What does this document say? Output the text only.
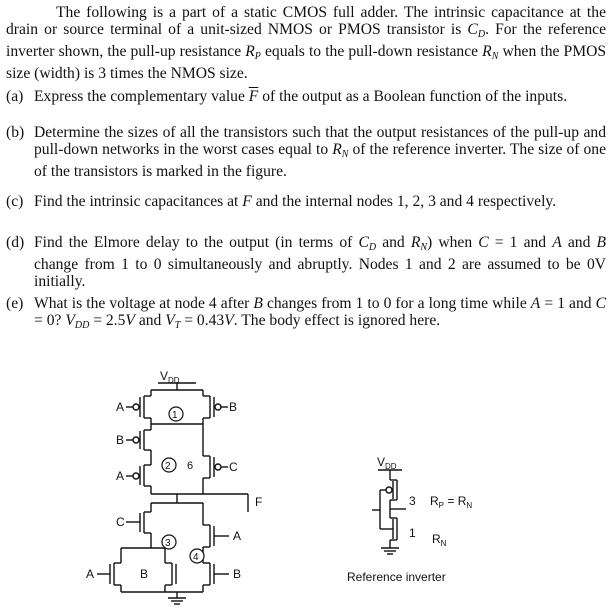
The following is a part of a static CMOS full adder. The intrinsic capacitance at the drain or source terminal of a unit-sized NMOS or PMOS transistor is $C_D$. For the reference inverter shown, the pull-up resistance $R_P$ equals to the pull-down resistance $R_N$ when the PMOS size (width) is 3 times the NMOS size.
(a) Express the complementary value $\overline{F}$ of the output as a Boolean function of the inputs.
(b) Determine the sizes of all the transistors such that the output resistances of the pull-up and pull-down networks in the worst cases equal to $R_N$ of the reference inverter. The size of one of the transistors is marked in the figure.
(c) Find the intrinsic capacitances at F and the internal nodes 1, 2, 3 and 4 respectively.
(d) Find the Elmore delay to the output (in terms of $C_D$ and $R_N$) when C = 1 and A and B change from 1 to 0 simultaneously and abruptly. Nodes 1 and 2 are assumed to be 0V initially.
(e) What is the voltage at node 4 after B changes from 1 to 0 for a long time while A = 1 and C = 0? $V_{DD} = 2.5V$ and $V_T = 0.43V$. The body effect is ignored here.
$V_{DD}$
A	B
B
A
C
C
F
A
A	B	B
1
2 6
3
4
$V_{DD}$
3
1
$R_P = R_N$
$R_N$
Reference inverter
